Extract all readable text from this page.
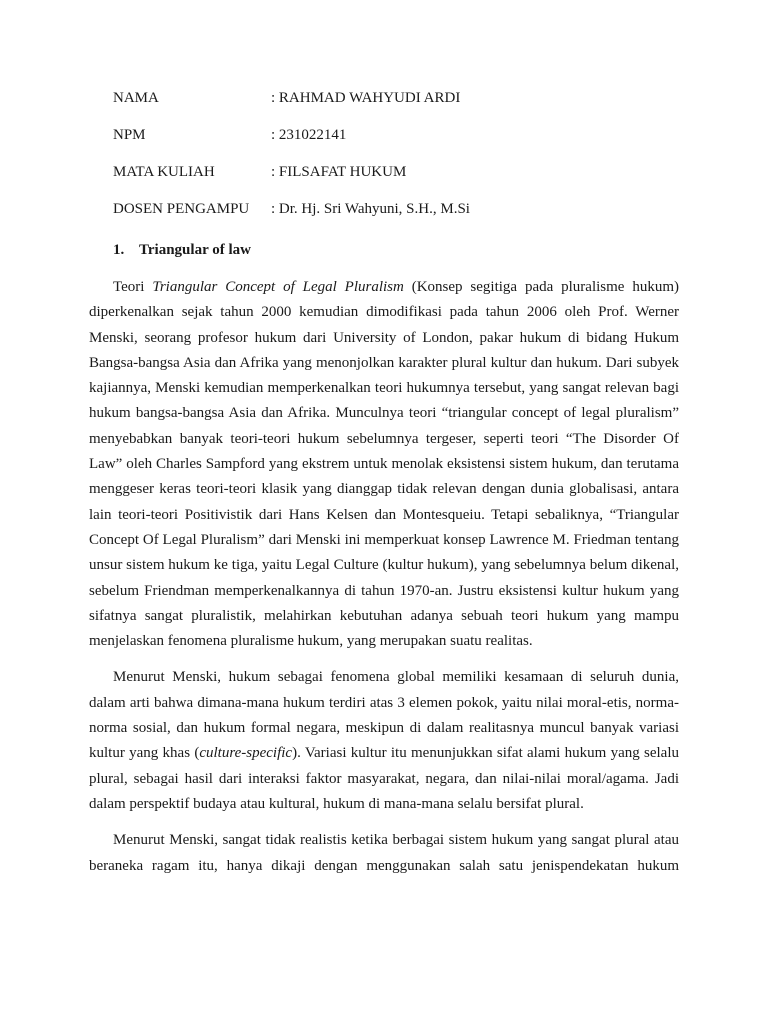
NAMA	: RAHMAD WAHYUDI ARDI
NPM	: 231022141
MATA KULIAH	: FILSAFAT HUKUM
DOSEN PENGAMPU	: Dr. Hj. Sri Wahyuni, S.H., M.Si
1. Triangular of law

Teori Triangular Concept of Legal Pluralism (Konsep segitiga pada pluralisme hukum) diperkenalkan sejak tahun 2000 kemudian dimodifikasi pada tahun 2006 oleh Prof. Werner Menski, seorang profesor hukum dari University of London, pakar hukum di bidang Hukum Bangsa-bangsa Asia dan Afrika yang menonjolkan karakter plural kultur dan hukum. Dari subyek kajiannya, Menski kemudian memperkenalkan teori hukumnya tersebut, yang sangat relevan bagi hukum bangsa-bangsa Asia dan Afrika. Munculnya teori “triangular concept of legal pluralism” menyebabkan banyak teori-teori hukum sebelumnya tergeser, seperti teori “The Disorder Of Law” oleh Charles Sampford yang ekstrem untuk menolak eksistensi sistem hukum, dan terutama menggeser keras teori-teori klasik yang dianggap tidak relevan dengan dunia globalisasi, antara lain teori-teori Positivistik dari Hans Kelsen dan Montesqueiu. Tetapi sebaliknya, “Triangular Concept Of Legal Pluralism” dari Menski ini memperkuat konsep Lawrence M. Friedman tentang unsur sistem hukum ke tiga, yaitu Legal Culture (kultur hukum), yang sebelumnya belum dikenal, sebelum Friendman memperkenalkannya di tahun 1970-an. Justru eksistensi kultur hukum yang sifatnya sangat pluralistik, melahirkan kebutuhan adanya sebuah teori hukum yang mampu menjelaskan fenomena pluralisme hukum, yang merupakan suatu realitas.

Menurut Menski, hukum sebagai fenomena global memiliki kesamaan di seluruh dunia, dalam arti bahwa dimana-mana hukum terdiri atas 3 elemen pokok, yaitu nilai moral-etis, norma-norma sosial, dan hukum formal negara, meskipun di dalam realitasnya muncul banyak variasi kultur yang khas (culture-specific). Variasi kultur itu menunjukkan sifat alami hukum yang selalu plural, sebagai hasil dari interaksi faktor masyarakat, negara, dan nilai-nilai moral/agama. Jadi dalam perspektif budaya atau kultural, hukum di mana-mana selalu bersifat plural.

Menurut Menski, sangat tidak realistis ketika berbagai sistem hukum yang sangat plural atau beraneka ragam itu, hanya dikaji dengan menggunakan salah satu jenispendekatan hukum
